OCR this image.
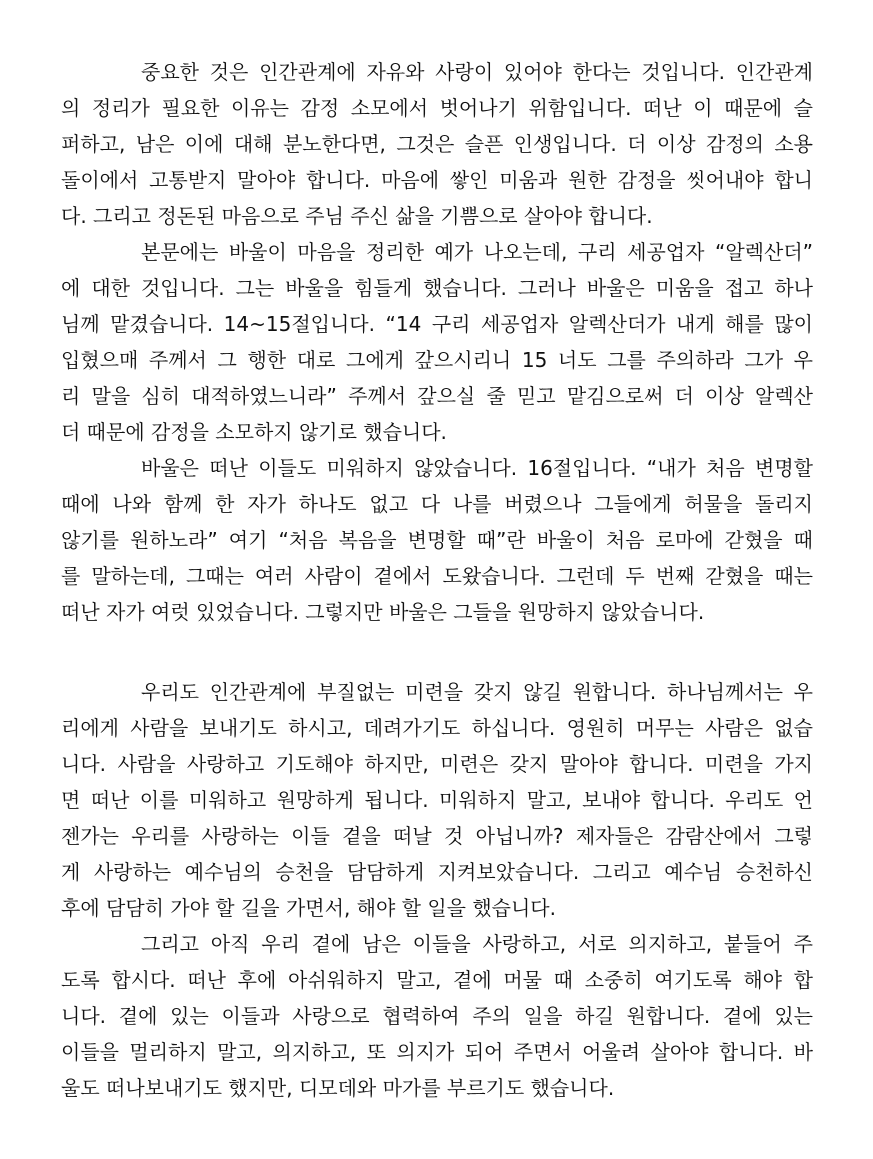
중요한 것은 인간관계에 자유와 사랑이 있어야 한다는 것입니다. 인간관계
의 정리가 필요한 이유는 감정 소모에서 벗어나기 위함입니다. 떠난 이 때문에 슬
퍼하고, 남은 이에 대해 분노한다면, 그것은 슬픈 인생입니다. 더 이상 감정의 소용
돌이에서 고통받지 말아야 합니다. 마음에 쌓인 미움과 원한 감정을 씻어내야 합니
다. 그리고 정돈된 마음으로 주님 주신 삶을 기쁨으로 살아야 합니다.
본문에는 바울이 마음을 정리한 예가 나오는데, 구리 세공업자 “알렉산더”
에 대한 것입니다. 그는 바울을 힘들게 했습니다. 그러나 바울은 미움을 접고 하나
님께 맡겼습니다. 14~15절입니다. “14 구리 세공업자 알렉산더가 내게 해를 많이
입혔으매 주께서 그 행한 대로 그에게 갚으시리니 15 너도 그를 주의하라 그가 우
리 말을 심히 대적하였느니라” 주께서 갚으실 줄 믿고 맡김으로써 더 이상 알렉산
더 때문에 감정을 소모하지 않기로 했습니다.
바울은 떠난 이들도 미워하지 않았습니다. 16절입니다. “내가 처음 변명할
때에 나와 함께 한 자가 하나도 없고 다 나를 버렸으나 그들에게 허물을 돌리지
않기를 원하노라” 여기 “처음 복음을 변명할 때”란 바울이 처음 로마에 갇혔을 때
를 말하는데, 그때는 여러 사람이 곁에서 도왔습니다. 그런데 두 번째 갇혔을 때는
떠난 자가 여럿 있었습니다. 그렇지만 바울은 그들을 원망하지 않았습니다.
우리도 인간관계에 부질없는 미련을 갖지 않길 원합니다. 하나님께서는 우
리에게 사람을 보내기도 하시고, 데려가기도 하십니다. 영원히 머무는 사람은 없습
니다. 사람을 사랑하고 기도해야 하지만, 미련은 갖지 말아야 합니다. 미련을 가지
면 떠난 이를 미워하고 원망하게 됩니다. 미워하지 말고, 보내야 합니다. 우리도 언
젠가는 우리를 사랑하는 이들 곁을 떠날 것 아닙니까? 제자들은 감람산에서 그렇
게 사랑하는 예수님의 승천을 담담하게 지켜보았습니다. 그리고 예수님 승천하신
후에 담담히 가야 할 길을 가면서, 해야 할 일을 했습니다.
그리고 아직 우리 곁에 남은 이들을 사랑하고, 서로 의지하고, 붙들어 주
도록 합시다. 떠난 후에 아쉬워하지 말고, 곁에 머물 때 소중히 여기도록 해야 합
니다. 곁에 있는 이들과 사랑으로 협력하여 주의 일을 하길 원합니다. 곁에 있는
이들을 멀리하지 말고, 의지하고, 또 의지가 되어 주면서 어울려 살아야 합니다. 바
울도 떠나보내기도 했지만, 디모데와 마가를 부르기도 했습니다.
